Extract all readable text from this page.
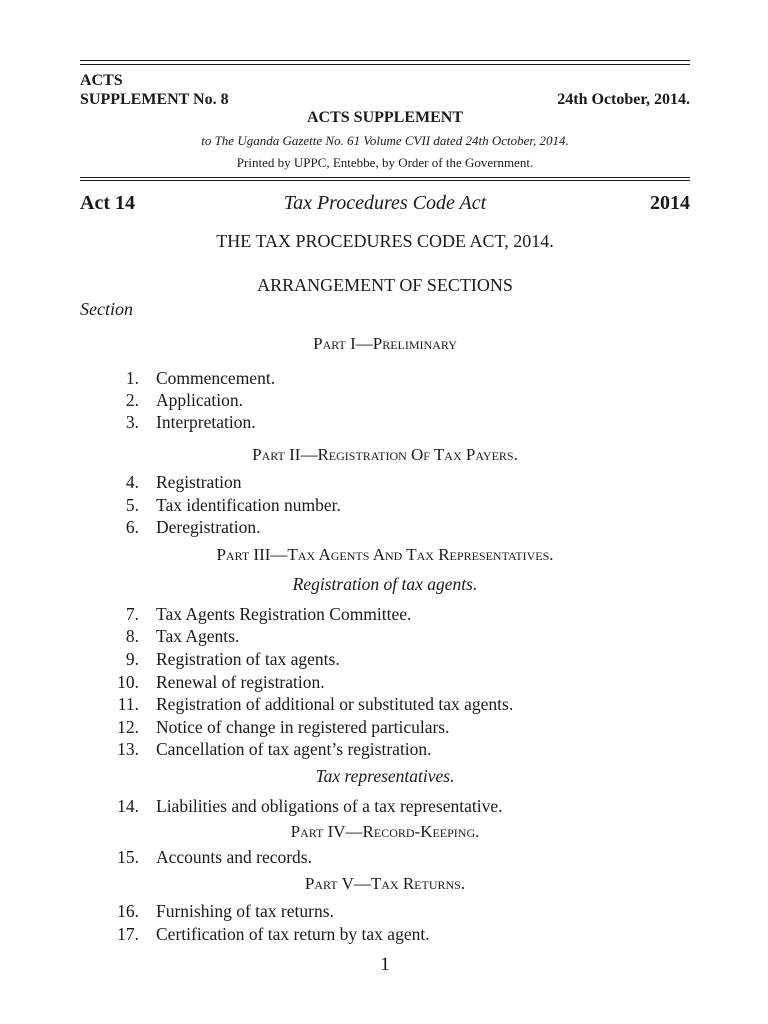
ACTS
SUPPLEMENT No. 8	24th October, 2014.
ACTS SUPPLEMENT
to The Uganda Gazette No. 61 Volume CVII dated 24th October, 2014.
Printed by UPPC, Entebbe, by Order of the Government.
Act 14	Tax Procedures Code Act	2014
THE TAX PROCEDURES CODE ACT, 2014.
ARRANGEMENT OF SECTIONS
Section
Part I—Preliminary
1. Commencement.
2. Application.
3. Interpretation.
Part II—Registration Of Tax Payers.
4. Registration
5. Tax identification number.
6. Deregistration.
Part III—Tax Agents And Tax Representatives.
Registration of tax agents.
7. Tax Agents Registration Committee.
8. Tax Agents.
9. Registration of tax agents.
10. Renewal of registration.
11. Registration of additional or substituted tax agents.
12. Notice of change in registered particulars.
13. Cancellation of tax agent’s registration.
Tax representatives.
14. Liabilities and obligations of a tax representative.
Part IV—Record-Keeping.
15. Accounts and records.
Part V—Tax Returns.
16. Furnishing of tax returns.
17. Certification of tax return by tax agent.
1
